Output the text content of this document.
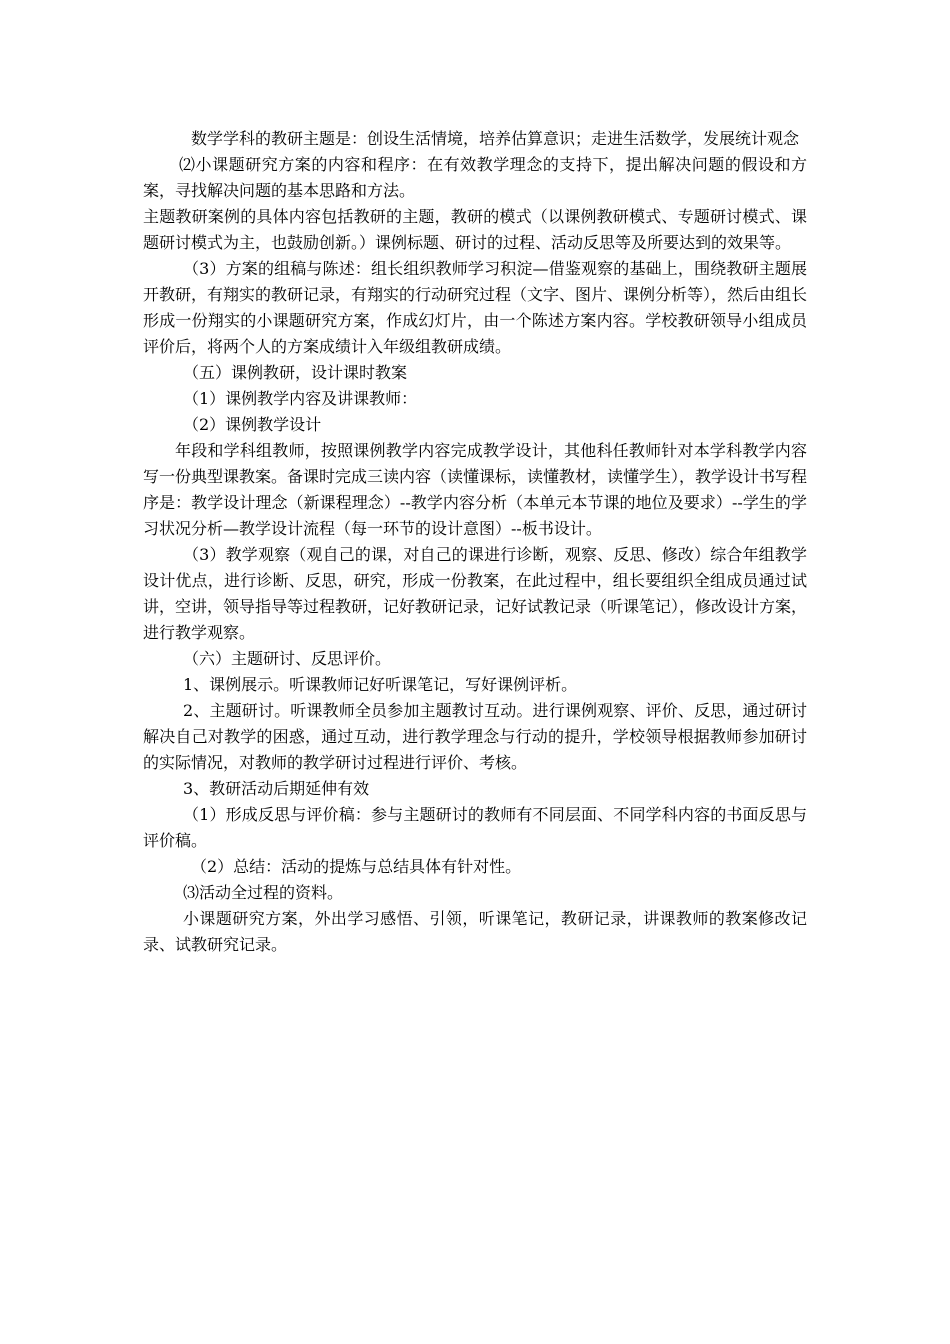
数学学科的教研主题是：创设生活情境，培养估算意识；走进生活数学，发展统计观念

⑵小课题研究方案的内容和程序：在有效教学理念的支持下，提出解决问题的假设和方案，寻找解决问题的基本思路和方法。

主题教研案例的具体内容包括教研的主题，教研的模式（以课例教研模式、专题研讨模式、课题研讨模式为主，也鼓励创新。）课例标题、研讨的过程、活动反思等及所要达到的效果等。

（3）方案的组稿与陈述：组长组织教师学习积淀—借鉴观察的基础上，围绕教研主题展开教研，有翔实的教研记录，有翔实的行动研究过程（文字、图片、课例分析等），然后由组长形成一份翔实的小课题研究方案，作成幻灯片，由一个陈述方案内容。学校教研领导小组成员评价后，将两个人的方案成绩计入年级组教研成绩。

（五）课例教研，设计课时教案

（1）课例教学内容及讲课教师：

（2）课例教学设计

年段和学科组教师，按照课例教学内容完成教学设计，其他科任教师针对本学科教学内容写一份典型课教案。备课时完成三读内容（读懂课标，读懂教材，读懂学生），教学设计书写程序是：教学设计理念（新课程理念）--教学内容分析（本单元本节课的地位及要求）--学生的学习状况分析—教学设计流程（每一环节的设计意图）--板书设计。

（3）教学观察（观自己的课，对自己的课进行诊断，观察、反思、修改）综合年组教学设计优点，进行诊断、反思，研究，形成一份教案，在此过程中，组长要组织全组成员通过试讲，空讲，领导指导等过程教研，记好教研记录，记好试教记录（听课笔记），修改设计方案，进行教学观察。

（六）主题研讨、反思评价。

1、课例展示。听课教师记好听课笔记，写好课例评析。

2、主题研讨。听课教师全员参加主题教讨互动。进行课例观察、评价、反思，通过研讨解决自己对教学的困惑，通过互动，进行教学理念与行动的提升，学校领导根据教师参加研讨的实际情况，对教师的教学研讨过程进行评价、考核。

3、教研活动后期延伸有效

（1）形成反思与评价稿：参与主题研讨的教师有不同层面、不同学科内容的书面反思与评价稿。

（2）总结：活动的提炼与总结具体有针对性。

⑶活动全过程的资料。

小课题研究方案，外出学习感悟、引领，听课笔记，教研记录，讲课教师的教案修改记录、试教研究记录。
